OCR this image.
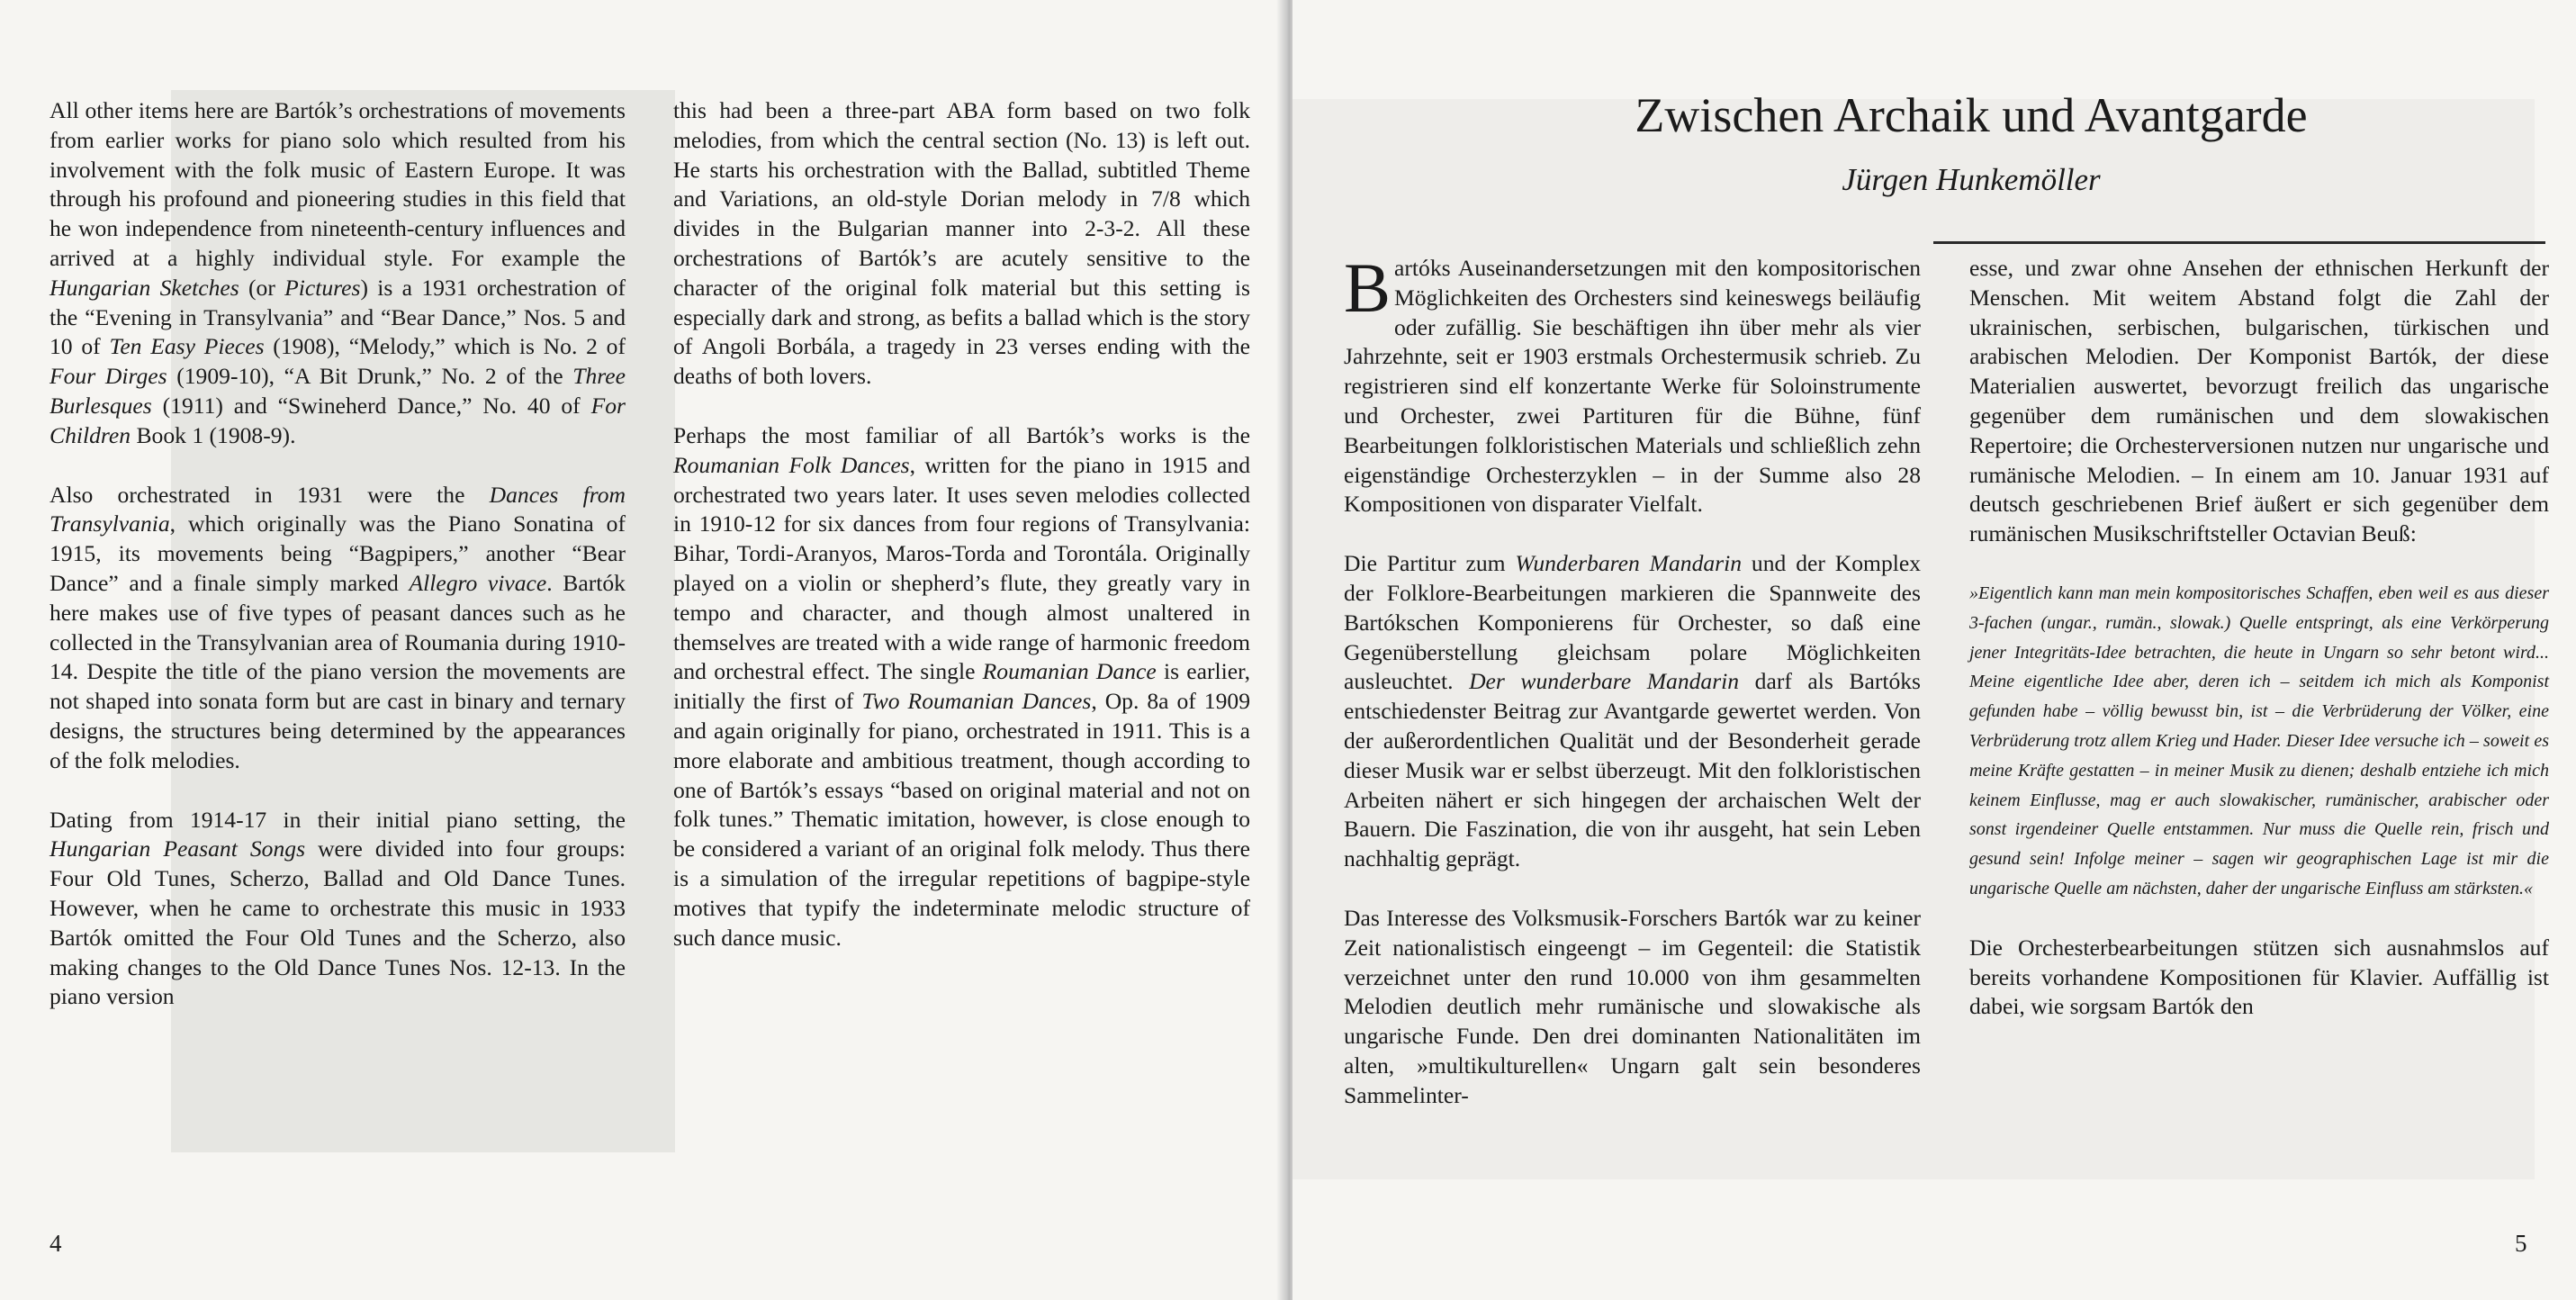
All other items here are Bartók’s orchestrations of movements from earlier works for piano solo which resulted from his involvement with the folk music of Eastern Europe. It was through his profound and pioneering studies in this field that he won independence from nineteenth-century influences and arrived at a highly individual style. For example the Hungarian Sketches (or Pictures) is a 1931 orchestration of the “Evening in Transylvania” and “Bear Dance,” Nos. 5 and 10 of Ten Easy Pieces (1908), “Melody,” which is No. 2 of Four Dirges (1909-10), “A Bit Drunk,” No. 2 of the Three Burlesques (1911) and “Swineherd Dance,” No. 40 of For Children Book 1 (1908-9).

Also orchestrated in 1931 were the Dances from Transylvania, which originally was the Piano Sonatina of 1915, its movements being “Bagpipers,” another “Bear Dance” and a finale simply marked Allegro vivace. Bartók here makes use of five types of peasant dances such as he collected in the Transylvanian area of Roumania during 1910-14. Despite the title of the piano version the movements are not shaped into sonata form but are cast in binary and ternary designs, the structures being determined by the appearances of the folk melodies.

Dating from 1914-17 in their initial piano setting, the Hungarian Peasant Songs were divided into four groups: Four Old Tunes, Scherzo, Ballad and Old Dance Tunes. However, when he came to orchestrate this music in 1933 Bartók omitted the Four Old Tunes and the Scherzo, also making changes to the Old Dance Tunes Nos. 12-13. In the piano version

this had been a three-part ABA form based on two folk melodies, from which the central section (No. 13) is left out. He starts his orchestration with the Ballad, subtitled Theme and Variations, an old-style Dorian melody in 7/8 which divides in the Bulgarian manner into 2-3-2. All these orchestrations of Bartók’s are acutely sensitive to the character of the original folk material but this setting is especially dark and strong, as befits a ballad which is the story of Angoli Borbála, a tragedy in 23 verses ending with the deaths of both lovers.

Perhaps the most familiar of all Bartók’s works is the Roumanian Folk Dances, written for the piano in 1915 and orchestrated two years later. It uses seven melodies collected in 1910-12 for six dances from four regions of Transylvania: Bihar, Tordi-Aranyos, Maros-Torda and Torontála. Originally played on a violin or shepherd’s flute, they greatly vary in tempo and character, and though almost unaltered in themselves are treated with a wide range of harmonic freedom and orchestral effect. The single Roumanian Dance is earlier, initially the first of Two Roumanian Dances, Op. 8a of 1909 and again originally for piano, orchestrated in 1911. This is a more elaborate and ambitious treatment, though according to one of Bartók’s essays “based on original material and not on folk tunes.” Thematic imitation, however, is close enough to be considered a variant of an original folk melody. Thus there is a simulation of the irregular repetitions of bagpipe-style motives that typify the indeterminate melodic structure of such dance music.

4
Zwischen Archaik und Avantgarde
Jürgen Hunkemöller

Bartóks Auseinandersetzungen mit den kompositorischen Möglichkeiten des Orchesters sind keineswegs beiläufig oder zufällig. Sie beschäftigen ihn über mehr als vier Jahrzehnte, seit er 1903 erstmals Orchestermusik schrieb. Zu registrieren sind elf konzertante Werke für Soloinstrumente und Orchester, zwei Partituren für die Bühne, fünf Bearbeitungen folkloristischen Materials und schließlich zehn eigenständige Orchesterzyklen – in der Summe also 28 Kompositionen von disparater Vielfalt.

Die Partitur zum Wunderbaren Mandarin und der Komplex der Folklore-Bearbeitungen markieren die Spannweite des Bartókschen Komponierens für Orchester, so daß eine Gegenüberstellung gleichsam polare Möglichkeiten ausleuchtet. Der wunderbare Mandarin darf als Bartóks entschiedenster Beitrag zur Avantgarde gewertet werden. Von der außerordentlichen Qualität und der Besonderheit gerade dieser Musik war er selbst überzeugt. Mit den folkloristischen Arbeiten nähert er sich hingegen der archaischen Welt der Bauern. Die Faszination, die von ihr ausgeht, hat sein Leben nachhaltig geprägt.

Das Interesse des Volksmusik-Forschers Bartók war zu keiner Zeit nationalistisch eingeengt – im Gegenteil: die Statistik verzeichnet unter den rund 10.000 von ihm gesammelten Melodien deutlich mehr rumänische und slowakische als ungarische Funde. Den drei dominanten Nationalitäten im alten, »multikulturellen« Ungarn galt sein besonderes Sammelinter-

esse, und zwar ohne Ansehen der ethnischen Herkunft der Menschen. Mit weitem Abstand folgt die Zahl der ukrainischen, serbischen, bulgarischen, türkischen und arabischen Melodien. Der Komponist Bartók, der diese Materialien auswertet, bevorzugt freilich das ungarische gegenüber dem rumänischen und dem slowakischen Repertoire; die Orchesterversionen nutzen nur ungarische und rumänische Melodien. – In einem am 10. Januar 1931 auf deutsch geschriebenen Brief äußert er sich gegenüber dem rumänischen Musikschriftsteller Octavian Beuß:

»Eigentlich kann man mein kompositorisches Schaffen, eben weil es aus dieser 3-fachen (ungar., rumän., slowak.) Quelle entspringt, als eine Verkörperung jener Integritäts-Idee betrachten, die heute in Ungarn so sehr betont wird... Meine eigentliche Idee aber, deren ich – seitdem ich mich als Komponist gefunden habe – völlig bewusst bin, ist – die Verbrüderung der Völker, eine Verbrüderung trotz allem Krieg und Hader. Dieser Idee versuche ich – soweit es meine Kräfte gestatten – in meiner Musik zu dienen; deshalb entziehe ich mich keinem Einflusse, mag er auch slowakischer, rumänischer, arabischer oder sonst irgendeiner Quelle entstammen. Nur muss die Quelle rein, frisch und gesund sein! Infolge meiner – sagen wir geographischen Lage ist mir die ungarische Quelle am nächsten, daher der ungarische Einfluss am stärksten.«

Die Orchesterbearbeitungen stützen sich ausnahmslos auf bereits vorhandene Kompositionen für Klavier. Auffällig ist dabei, wie sorgsam Bartók den

5
